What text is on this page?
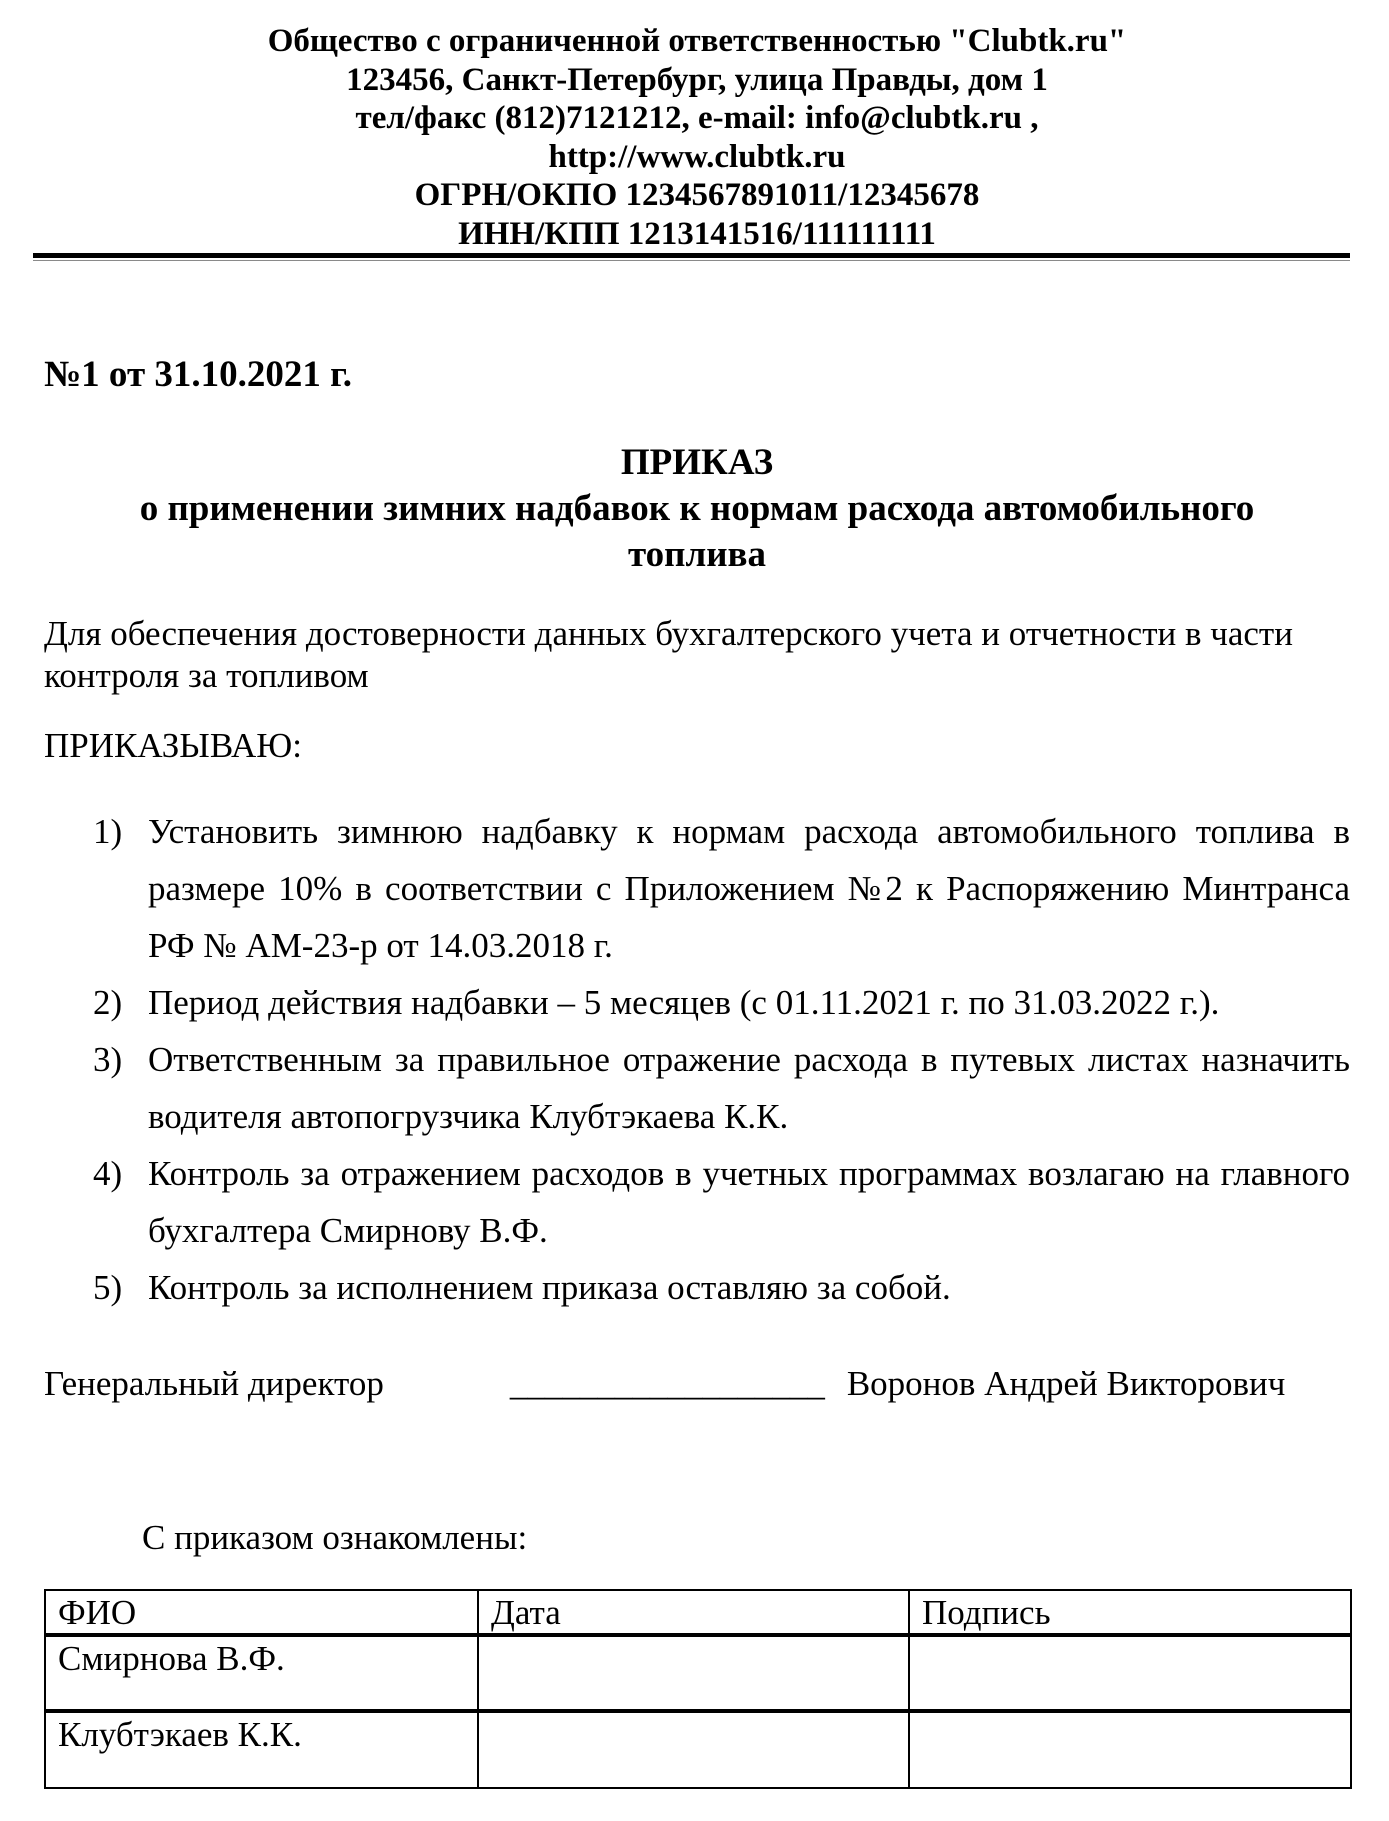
Общество с ограниченной ответственностью "Clubtk.ru"
123456, Санкт-Петербург, улица Правды, дом 1
тел/факс (812)7121212, e-mail: info@clubtk.ru ,
http://www.clubtk.ru
ОГРН/ОКПО 1234567891011/12345678
ИНН/КПП 1213141516/111111111
№1 от 31.10.2021 г.
ПРИКАЗ
о применении зимних надбавок к нормам расхода автомобильного
топлива

Для обеспечения достоверности данных бухгалтерского учета и отчетности в части контроля за топливом

ПРИКАЗЫВАЮ:
1) Установить зимнюю надбавку к нормам расхода автомобильного топлива в размере 10% в соответствии с Приложением №2 к Распоряжению Минтранса РФ № АМ-23-р от 14.03.2018 г.
2) Период действия надбавки – 5 месяцев (с 01.11.2021 г. по 31.03.2022 г.).
3) Ответственным за правильное отражение расхода в путевых листах назначить водителя автопогрузчика Клубтэкаева К.К.
4) Контроль за отражением расходов в учетных программах возлагаю на главного бухгалтера Смирнову В.Ф.
5) Контроль за исполнением приказа оставляю за собой.
Генеральный директор	__________________ Воронов Андрей Викторович
С приказом ознакомлены:
ФИО	Дата	Подпись
Смирнова В.Ф.		
Клубтэкаев К.К.		
